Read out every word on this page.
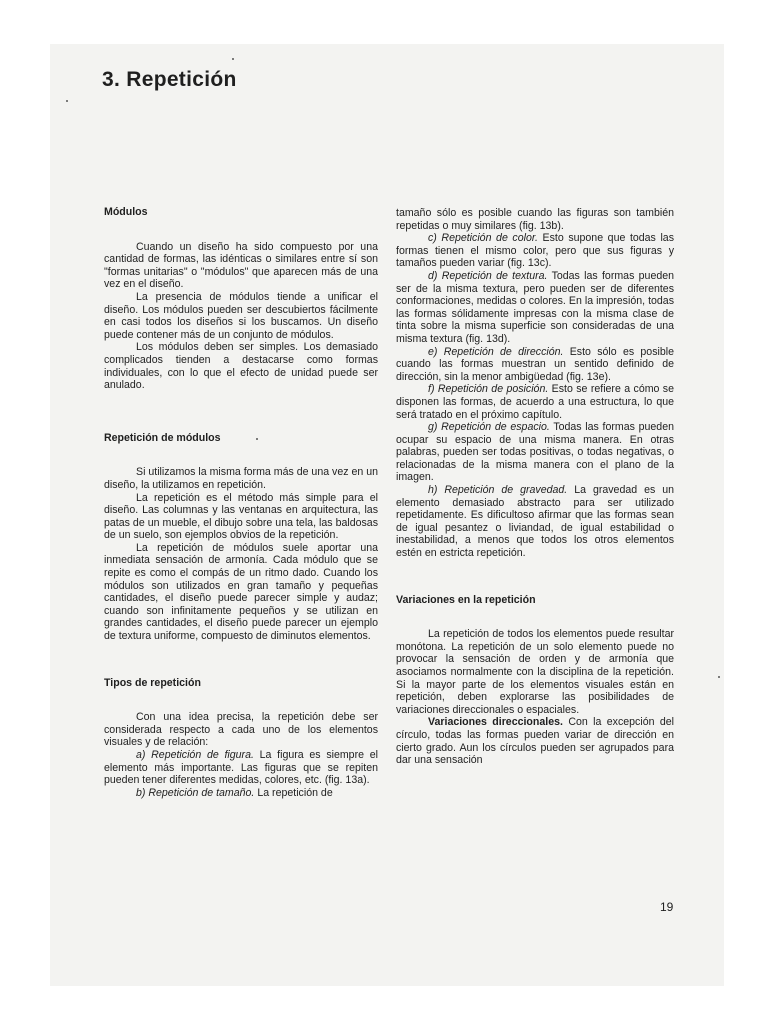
3. Repetición

Módulos

Cuando un diseño ha sido compuesto por una cantidad de formas, las idénticas o similares entre sí son "formas unitarias" o "módulos" que aparecen más de una vez en el diseño.

La presencia de módulos tiende a unificar el diseño. Los módulos pueden ser descubiertos fácilmente en casi todos los diseños si los buscamos. Un diseño puede contener más de un conjunto de módulos.

Los módulos deben ser simples. Los demasiado complicados tienden a destacarse como formas individuales, con lo que el efecto de unidad puede ser anulado.

Repetición de módulos

Si utilizamos la misma forma más de una vez en un diseño, la utilizamos en repetición.

La repetición es el método más simple para el diseño. Las columnas y las ventanas en arquitectura, las patas de un mueble, el dibujo sobre una tela, las baldosas de un suelo, son ejemplos obvios de la repetición.

La repetición de módulos suele aportar una inmediata sensación de armonía. Cada módulo que se repite es como el compás de un ritmo dado. Cuando los módulos son utilizados en gran tamaño y pequeñas cantidades, el diseño puede parecer simple y audaz; cuando son infinitamente pequeños y se utilizan en grandes cantidades, el diseño puede parecer un ejemplo de textura uniforme, compuesto de diminutos elementos.

Tipos de repetición

Con una idea precisa, la repetición debe ser considerada respecto a cada uno de los elementos visuales y de relación:

a) Repetición de figura. La figura es siempre el elemento más importante. Las figuras que se repiten pueden tener diferentes medidas, colores, etc. (fig. 13a).

b) Repetición de tamaño. La repetición de

tamaño sólo es posible cuando las figuras son también repetidas o muy similares (fig. 13b).

c) Repetición de color. Esto supone que todas las formas tienen el mismo color, pero que sus figuras y tamaños pueden variar (fig. 13c).

d) Repetición de textura. Todas las formas pueden ser de la misma textura, pero pueden ser de diferentes conformaciones, medidas o colores. En la impresión, todas las formas sólidamente impresas con la misma clase de tinta sobre la misma superficie son consideradas de una misma textura (fig. 13d).

e) Repetición de dirección. Esto sólo es posible cuando las formas muestran un sentido definido de dirección, sin la menor ambigüedad (fig. 13e).

f) Repetición de posición. Esto se refiere a cómo se disponen las formas, de acuerdo a una estructura, lo que será tratado en el próximo capítulo.

g) Repetición de espacio. Todas las formas pueden ocupar su espacio de una misma manera. En otras palabras, pueden ser todas positivas, o todas negativas, o relacionadas de la misma manera con el plano de la imagen.

h) Repetición de gravedad. La gravedad es un elemento demasiado abstracto para ser utilizado repetidamente. Es dificultoso afirmar que las formas sean de igual pesantez o liviandad, de igual estabilidad o inestabilidad, a menos que todos los otros elementos estén en estricta repetición.

Variaciones en la repetición

La repetición de todos los elementos puede resultar monótona. La repetición de un solo elemento puede no provocar la sensación de orden y de armonía que asociamos normalmente con la disciplina de la repetición. Si la mayor parte de los elementos visuales están en repetición, deben explorarse las posibilidades de variaciones direccionales o espaciales.

Variaciones direccionales. Con la excepción del círculo, todas las formas pueden variar de dirección en cierto grado. Aun los círculos pueden ser agrupados para dar una sensación

19
